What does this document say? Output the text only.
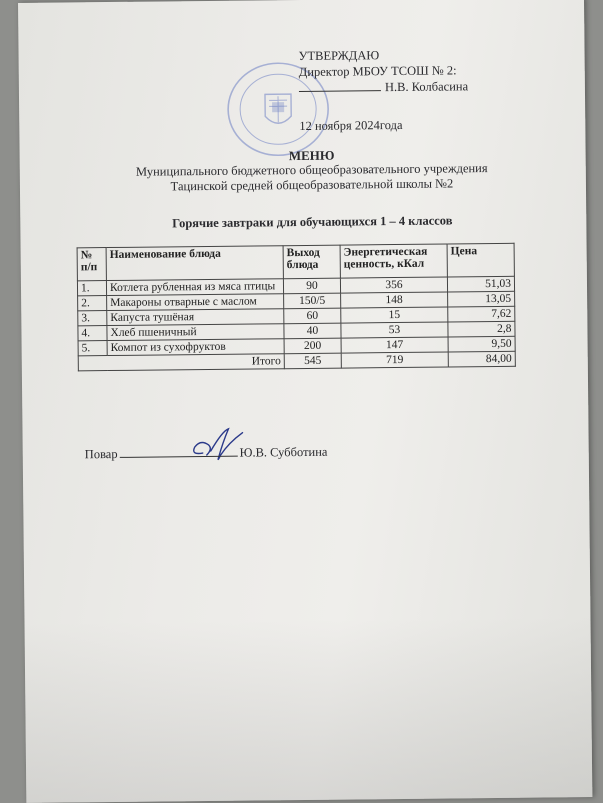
УТВЕРЖДАЮ
Директор МБОУ ТСОШ № 2:
Н.В. Колбасина
12 ноября 2024года
МЕНЮ
Муниципального бюджетного общеобразовательного учреждения
Тацинской средней общеобразовательной школы №2
Горячие завтраки для обучающихся 1 – 4 классов
№ п/п	Наименование блюда	Выход блюда	Энергетическая ценность, кКал	Цена
1.	Котлета рубленная из мяса птицы	90	356	51,03
2.	Макароны отварные с маслом	150/5	148	13,05
3.	Капуста тушёная	60	15	7,62
4.	Хлеб пшеничный	40	53	2,8
5.	Компот из сухофруктов	200	147	9,50
Итого		545	719	84,00
Повар	Ю.В. Субботина
